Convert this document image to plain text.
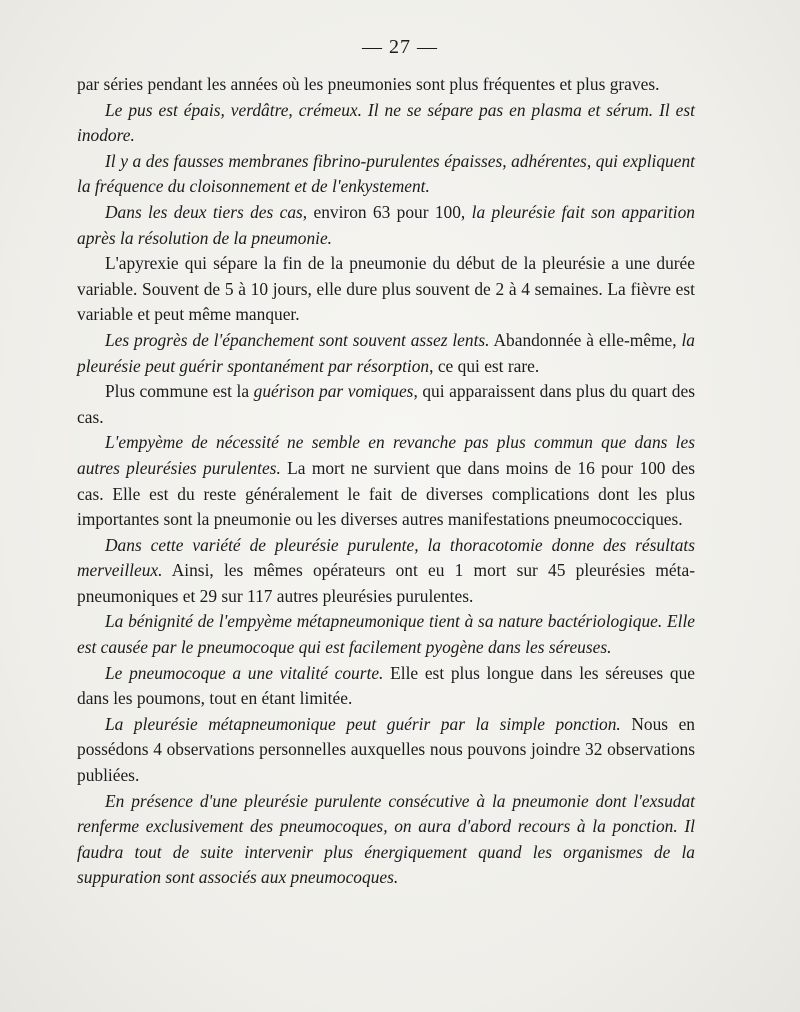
— 27 —

par séries pendant les années où les pneumonies sont plus fréquentes et plus graves.

Le pus est épais, verdâtre, crémeux. Il ne se sépare pas en plasma et sérum. Il est inodore.

Il y a des fausses membranes fibrino-purulentes épaisses, adhérentes, qui expliquent la fréquence du cloisonnement et de l'enkystement.

Dans les deux tiers des cas, environ 63 pour 100, la pleurésie fait son apparition après la résolution de la pneumonie.

L'apyrexie qui sépare la fin de la pneumonie du début de la pleurésie a une durée variable. Souvent de 5 à 10 jours, elle dure plus souvent de 2 à 4 semaines. La fièvre est variable et peut même manquer.

Les progrès de l'épanchement sont souvent assez lents. Abandonnée à elle-même, la pleurésie peut guérir spontanément par résorption, ce qui est rare.

Plus commune est la guérison par vomiques, qui apparaissent dans plus du quart des cas.

L'empyème de nécessité ne semble en revanche pas plus commun que dans les autres pleurésies purulentes. La mort ne survient que dans moins de 16 pour 100 des cas. Elle est du reste généralement le fait de diverses complications dont les plus importantes sont la pneumonie ou les diverses autres manifestations pneumococciques.

Dans cette variété de pleurésie purulente, la thoracotomie donne des résultats merveilleux. Ainsi, les mêmes opérateurs ont eu 1 mort sur 45 pleurésies méta-pneumoniques et 29 sur 117 autres pleurésies purulentes.

La bénignité de l'empyème métapneumonique tient à sa nature bactériologique. Elle est causée par le pneumocoque qui est facilement pyogène dans les séreuses.

Le pneumocoque a une vitalité courte. Elle est plus longue dans les séreuses que dans les poumons, tout en étant limitée.

La pleurésie métapneumonique peut guérir par la simple ponction. Nous en possédons 4 observations personnelles auxquelles nous pouvons joindre 32 observations publiées.

En présence d'une pleurésie purulente consécutive à la pneumonie dont l'exsudat renferme exclusivement des pneumocoques, on aura d'abord recours à la ponction. Il faudra tout de suite intervenir plus énergiquement quand les organismes de la suppuration sont associés aux pneumocoques.
